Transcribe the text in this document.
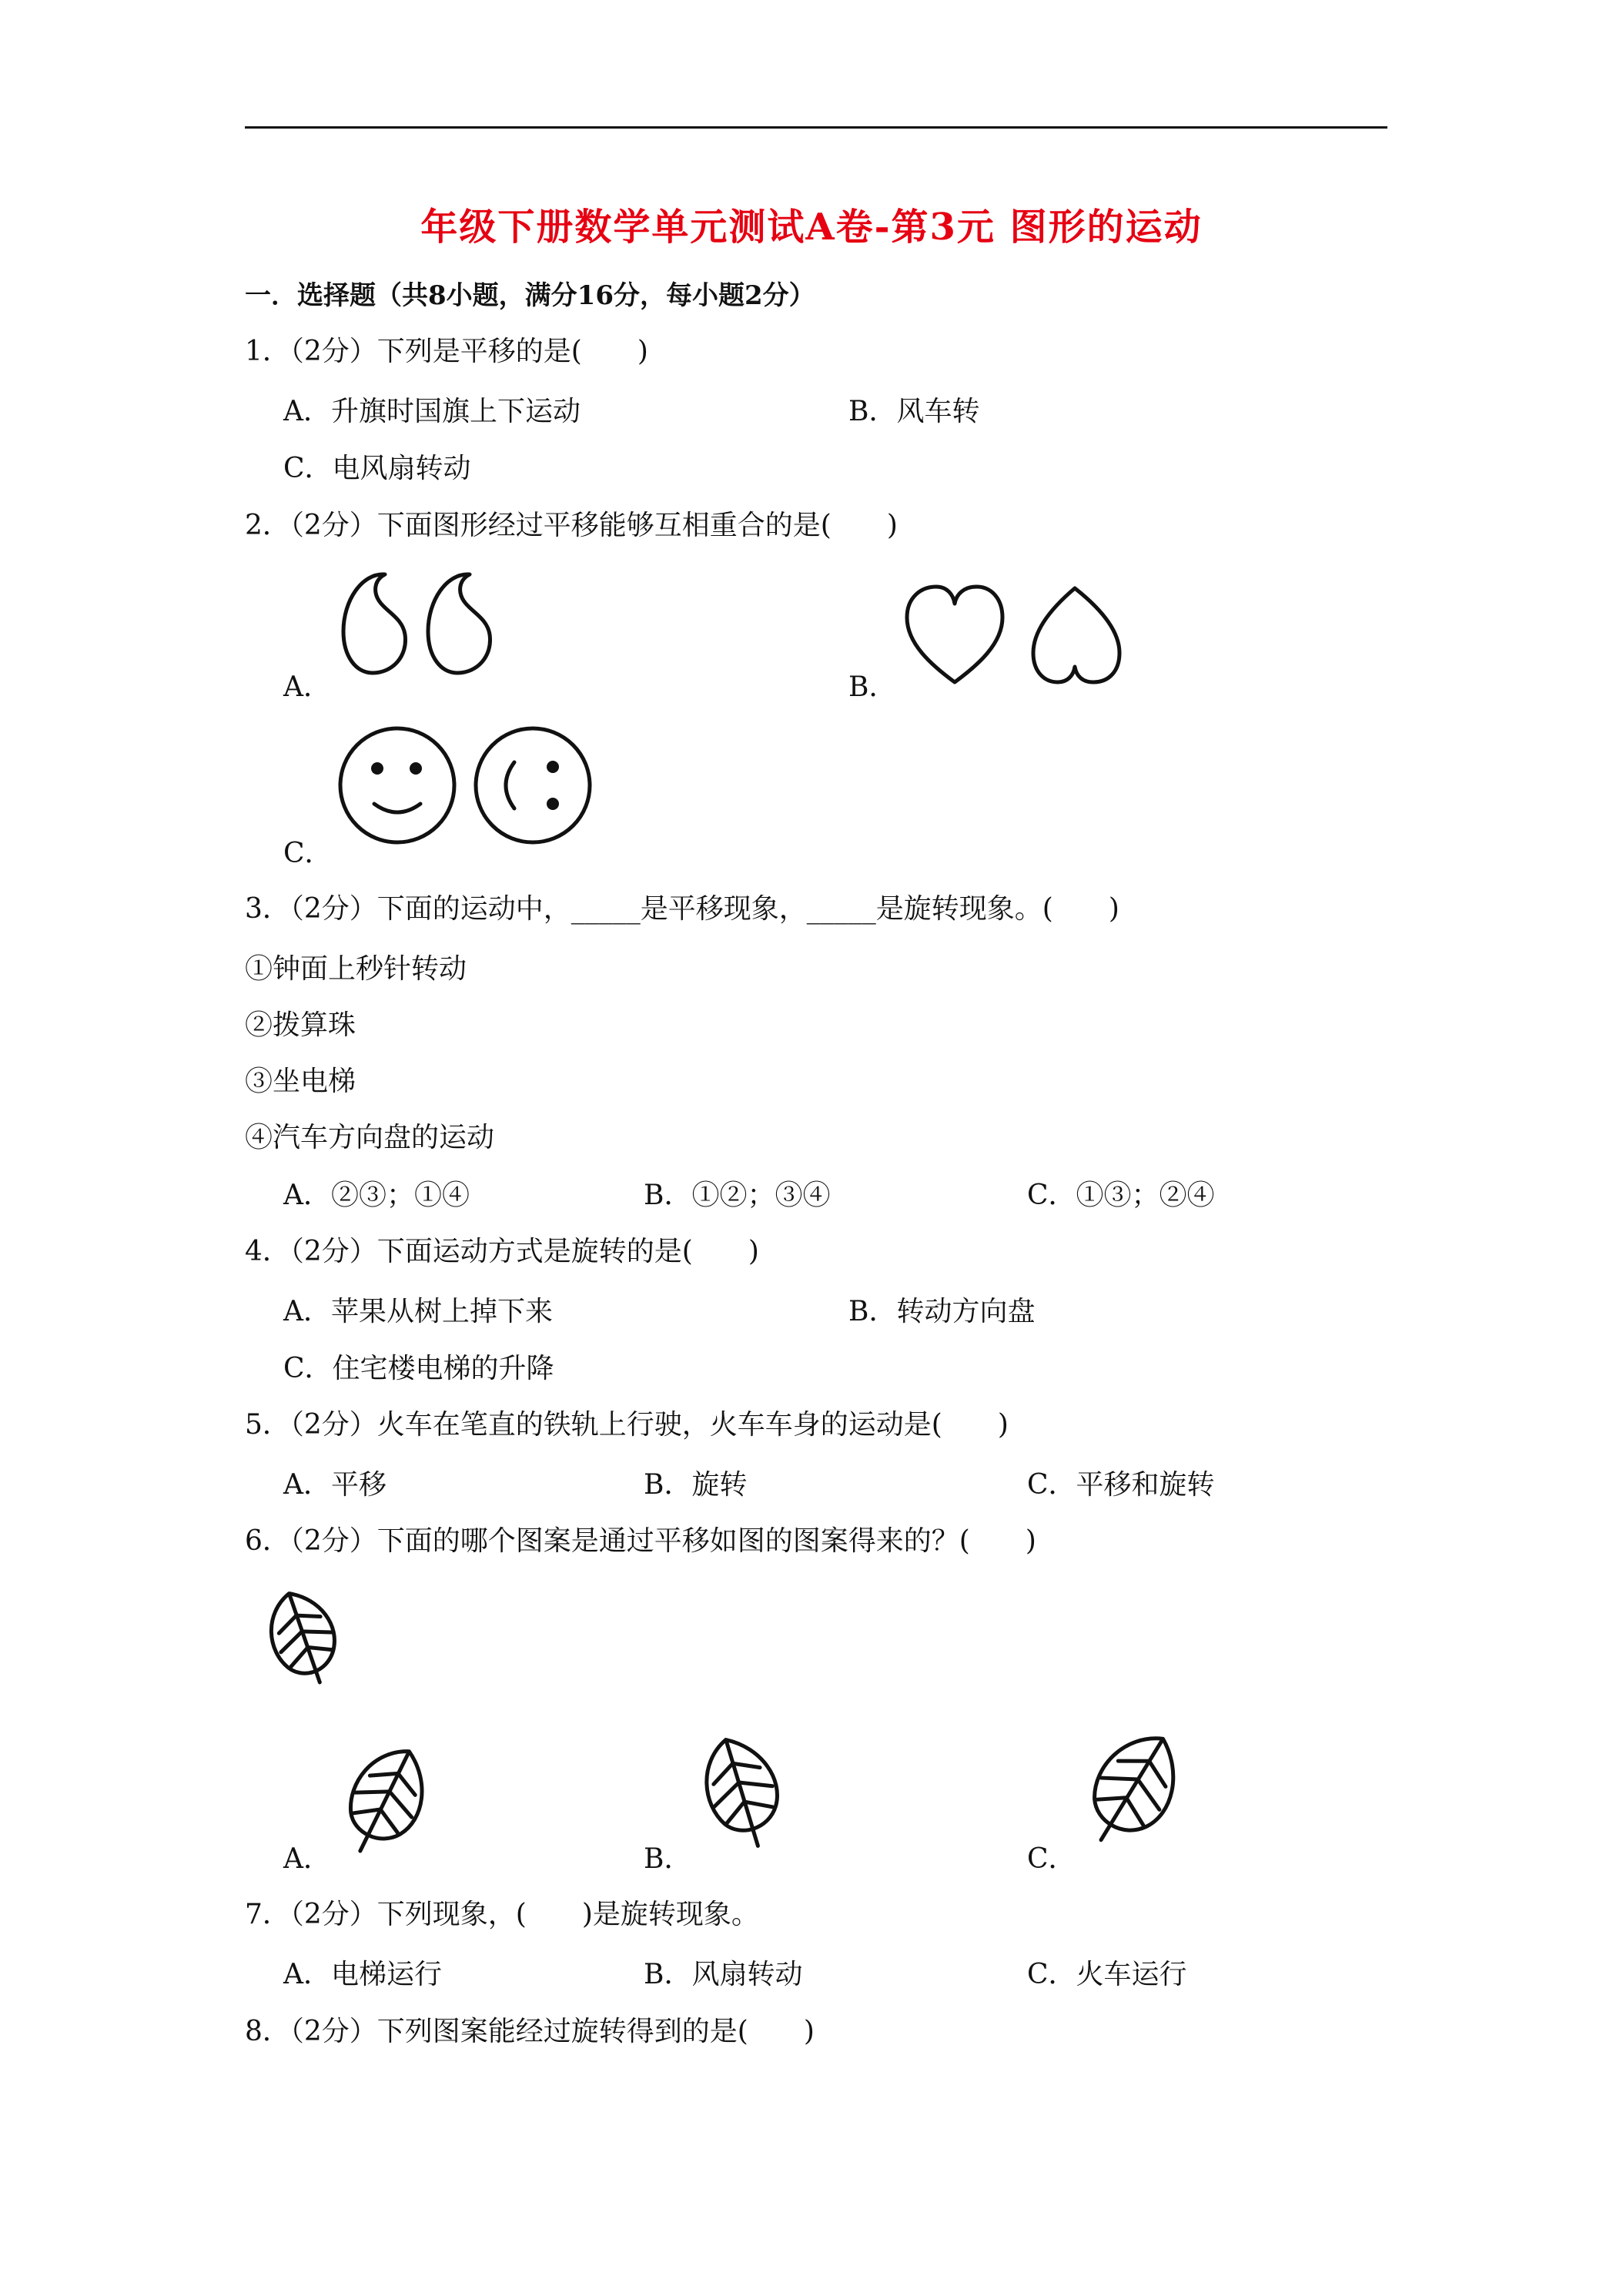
年级下册数学单元测试A卷-第3元 图形的运动
一．选择题（共8小题，满分16分，每小题2分）
1．（2分）下列是平移的是(　　)
A．升旗时国旗上下运动	B．风车转
C．电风扇转动
2．（2分）下面图形经过平移能够互相重合的是(　　)
A．	B．
C．
3．（2分）下面的运动中，_____是平移现象，_____是旋转现象。(　　)
①钟面上秒针转动
②拨算珠
③坐电梯
④汽车方向盘的运动
A．②③；①④	B．①②；③④	C．①③；②④
4．（2分）下面运动方式是旋转的是(　　)
A．苹果从树上掉下来	B．转动方向盘
C．住宅楼电梯的升降
5．（2分）火车在笔直的铁轨上行驶，火车车身的运动是(　　)
A．平移	B．旋转	C．平移和旋转
6．（2分）下面的哪个图案是通过平移如图的图案得来的？(　　)
A．	B．	C．
7．（2分）下列现象，(　　)是旋转现象。
A．电梯运行	B．风扇转动	C．火车运行
8．（2分）下列图案能经过旋转得到的是(　　)
